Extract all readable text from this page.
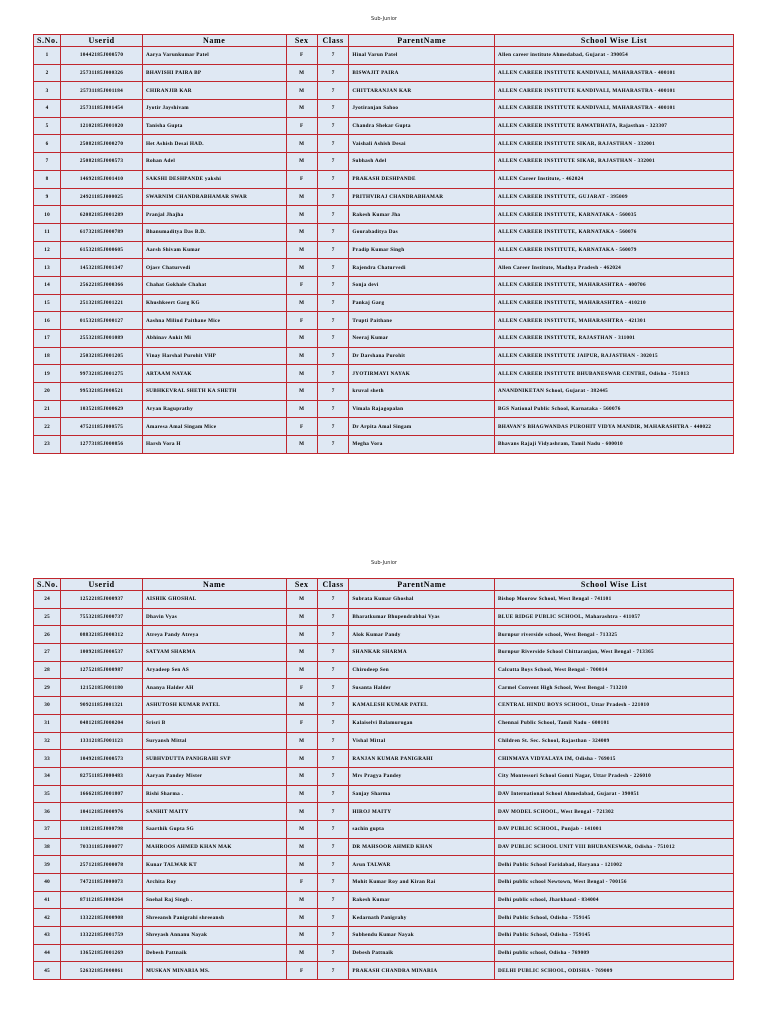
Sub-Junior
S.No.	Userid	Name	Sex	Class	ParentName	School Wise List
1	10442185J000570	Aarya Varunkumar Patel	F	7	Hinal Varun Patel	Allen career institute Ahmedabad, Gujarat - 390054
2	25731185J000326	BHAVISHI PAIRA BP	M	7	BISWAJIT PAIRA	ALLEN CAREER INSTITUTE KANDIVALI, MAHARASTRA - 400101
3	25731185J001184	CHIRANJIB KAR	M	7	CHITTARANJAN KAR	ALLEN CAREER INSTITUTE KANDIVALI, MAHARASTRA - 400101
4	25731185J001454	Jyotir Jayshivam	M	7	Jyotiranjan Sahoo	ALLEN CAREER INSTITUTE KANDIVALI, MAHARASTRA - 400101
5	12102185J001020	Tanisha Gupta	F	7	Chandra Shekar Gupta	ALLEN CAREER INSTITUTE RAWATBHATA, Rajasthan - 323307
6	25082185J000270	Het Ashish Desai HAD.	M	7	Vaishali Ashish Desai	ALLEN CAREER INSTITUTE SIKAR, RAJASTHAN - 332001
7	25082185J000573	Rohan Adel	M	7	Subhash Adel	ALLEN CAREER INSTITUTE SIKAR, RAJASTHAN - 332001
8	14692185J001410	SAKSHI DESHPANDE yakshi	F	7	PRAKASH DESHPANDE	ALLEN Career Institute, - 462024
9	24921185J000025	SWARNIM CHANDRABHAMAR SWAR	M	7	PRITHVIRAJ CHANDRABHAMAR	ALLEN CAREER INSTITUTE, GUJARAT - 395009
10	62082185J001289	Pranjal Jhajha	M	7	Rakesh Kumar Jha	ALLEN CAREER INSTITUTE, KARNATAKA - 560035
11	61732185J000789	Bhanumaditya Das B.D.	M	7	Gourabaditya Das	ALLEN CAREER INSTITUTE, KARNATAKA - 560076
12	61532185J000605	Aarsh Shivam Kumar	M	7	Pradip Kumar Singh	ALLEN CAREER INSTITUTE, KARNATAKA - 560079
13	14532185J001347	Ojasv Chaturvedi	M	7	Rajendra Chaturvedi	Allen Career Institute, Madhya Pradesh - 462024
14	25622185J000366	Chahat Gokhale Chahat	F	7	Sonja devi	ALLEN CAREER INSTITUTE, MAHARASHTRA - 400706
15	25132185J001221	Khushkeert Garg KG	M	7	Pankaj Garg	ALLEN CAREER INSTITUTE, MAHARASHTRA - 410210
16	01532185J000127	Aashna Milind Paithane Mice	F	7	Trupti Paithane	ALLEN CAREER INSTITUTE, MAHARASHTRA - 421301
17	25532185J001089	Abhinav Ankit Mi	M	7	Neeraj Kumar	ALLEN CAREER INSTITUTE, RAJASTHAN - 311001
18	25032185J001205	Vinay Harshal Purohit VHP	M	7	Dr Darshana Purohit	ALLEN CAREER INSTITUTE JAIPUR, RAJASTHAN - 302015
19	99732185J001275	ARTAAM NAYAK	M	7	JYOTIRMAYI NAYAK	ALLEN CAREER INSTITUTE BHUBANESWAR CENTRE, Odisha - 751013
20	99532185J000521	SUBHKEVRAL SHETH KA SHETH	M	7	kruval sheth	ANANDNIKETAN School, Gujarat - 382445
21	10352185J000629	Aryan Raguprathy	M	7	Vimala Rajagopalan	BGS National Public School, Karnataka - 560076
22	47521185J000575	Amaresa Amal Singam Mice	F	7	Dr Arpita Amal Singam	BHAVAN'S BHAGWANDAS PUROHIT VIDYA MANDIR, MAHARASHTRA - 440022
23	12773185J000856	Harsh Vora H	M	7	Megha Vora	Bhavans Rajaji Vidyashram, Tamil Nadu - 600010
Sub-Junior
S.No.	Userid	Name	Sex	Class	ParentName	School Wise List
24	12522185J000937	AISHIK GHOSHAL	M	7	Subrata Kumar Ghoshal	Bishop Moorow School, West Bengal - 741101
25	75532185J000737	Dhavin Vyas	M	7	Bharatkumar Bhupendrabhai Vyas	BLUE RIDGE PUBLIC SCHOOL, Maharashtra - 411057
26	08832185J000312	Atreya Pandy Atreya	M	7	Alok Kumar Pandy	Burnpur riverside school, West Bengal - 713325
27	10092185J000537	SATYAM SHARMA	M	7	SHANKAR SHARMA	Burnpur Riverside School Chittaranjan, West Bengal - 713365
28	12752185J000987	Aryadeep Sen AS	M	7	Chirodeep Sen	Calcutta Boys School, West Bengal - 700014
29	12152185J001180	Ananya Halder AH	F	7	Susanta Halder	Carmel Convent High School, West Bengal - 713210
30	90921185J001321	ASHUTOSH KUMAR PATEL	M	7	KAMALESH KUMAR PATEL	CENTRAL HINDU BOYS SCHOOL, Uttar Pradesh - 221010
31	04812185J000204	Srisri B	F	7	Kalaiselvi Balamurugan	Chennai Public School, Tamil Nadu - 600101
32	13312185J001123	Suryansh Mittal	M	7	Vishal Mittal	Children St. Sec. School, Rajasthan - 324009
33	10492185J000573	SUBHVDUTTA PANIGRAHI SVP	M	7	RANJAN KUMAR PANIGRAHI	CHINMAYA VIDYALAYA IM, Odisha - 769015
34	82751185J000483	Aaryan Pandey Mister	M	7	Mrs Pragya Pandey	City Montessori School Gomti Nagar, Uttar Pradesh - 226010
35	16662185J001807	Rishi Sharma .	M	7	Sanjay Sharma	DAV International School Ahmedabad, Gujarat - 390051
36	10412185J000976	SANHIT MAITY	M	7	HIROJ MAITY	DAV MODEL SCHOOL, West Bengal - 721302
37	11812185J000798	Saarthik Gupta SG	M	7	sachin gupta	DAV PUBLIC SCHOOL, Punjab - 141001
38	70331185J000077	MAHROOS AHMED KHAN MAK	M	7	DR MAHSOOR AHMED KHAN	DAV PUBLIC SCHOOL UNIT VIII BHUBANESWAR, Odisha - 751012
39	25712185J000078	Kunar TALWAR KT	M	7	Arun TALWAR	Delhi Public School Faridabad, Haryana - 121002
40	74721185J000073	Archita Roy	F	7	Mohit Kumar Roy and Kiran Rai	Delhi public school Newtown, West Bengal - 700156
41	87112185J000264	Snehal Raj Singh .	M	7	Rakesh Kumar	Delhi public school, Jharkhand - 834004
42	13322185J000908	Shreeansh Panigrahi shreeansh	M	7	Kedarnath Panigrahy	Delhi Public School, Odisha - 759145
43	13322185J001759	Shreyash Annanu Nayak	M	7	Subhendu Kumar Nayak	Delhi Public School, Odisha - 759145
44	13652185J001269	Debesh Pattnaik	M	7	Debesh Pattnaik	Delhi public school, Odisha - 769009
45	52632185J000861	MUSKAN MINARIA MS.	F	7	PRAKASH CHANDRA MINARIA	DELHI PUBLIC SCHOOL, ODISHA - 769009
